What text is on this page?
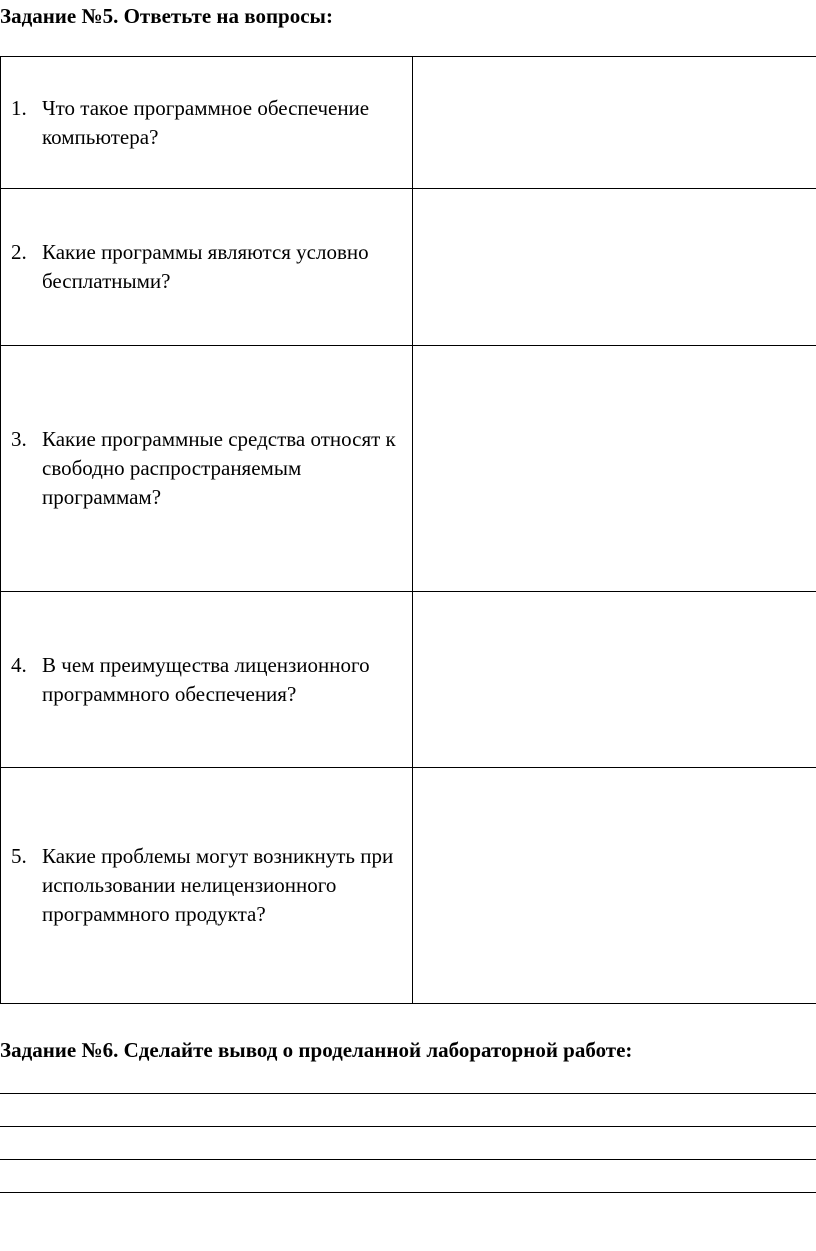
Задание №5. Ответьте на вопросы:
1. Что такое программное обеспечение компьютера?	

2. Какие программы являются условно бесплатными?	

3. Какие программные средства относят к свободно распространяемым программам?	

4. В чем преимущества лицензионного программного обеспечения?	

5. Какие проблемы могут возникнуть при использовании нелицензионного программного продукта?	

Задание №6. Сделайте вывод о проделанной лабораторной работе:
